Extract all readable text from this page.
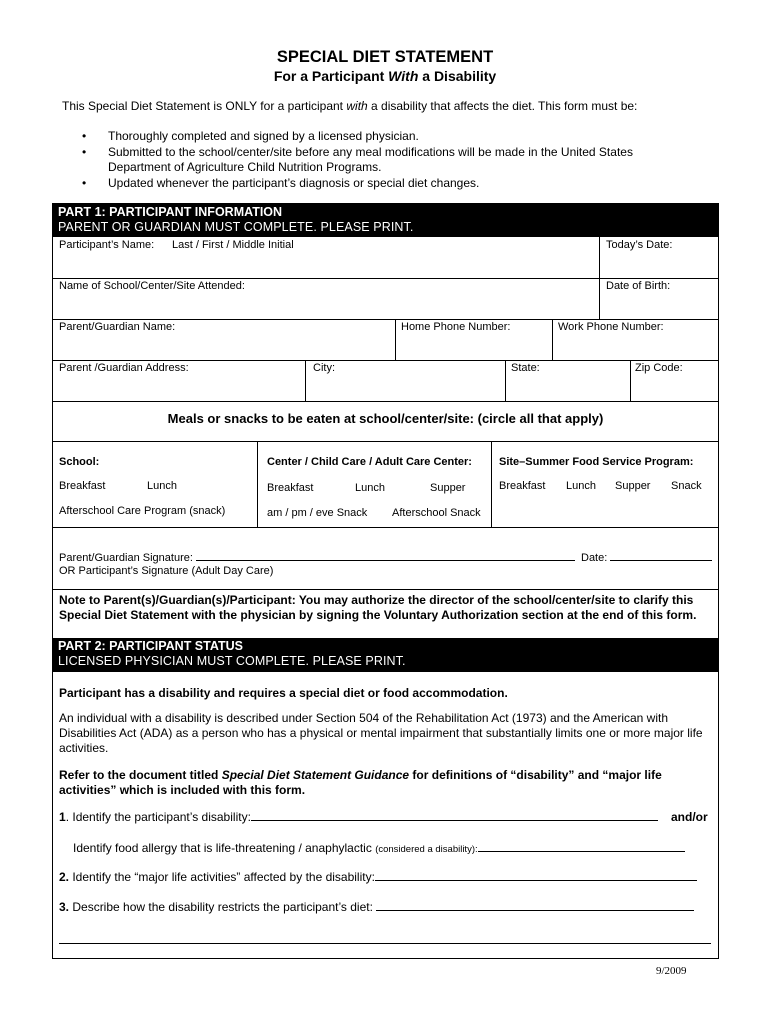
SPECIAL DIET STATEMENT
For a Participant With a Disability
This Special Diet Statement is ONLY for a participant with a disability that affects the diet. This form must be:
• Thoroughly completed and signed by a licensed physician.
• Submitted to the school/center/site before any meal modifications will be made in the United States
Department of Agriculture Child Nutrition Programs.
• Updated whenever the participant’s diagnosis or special diet changes.
PART 1: PARTICIPANT INFORMATION
PARENT OR GUARDIAN MUST COMPLETE. PLEASE PRINT.
Participant’s Name: Last / First / Middle Initial	Today’s Date:
Name of School/Center/Site Attended:	Date of Birth:
Parent/Guardian Name:	Home Phone Number:	Work Phone Number:
Parent /Guardian Address:	City:	State:	Zip Code:
Meals or snacks to be eaten at school/center/site: (circle all that apply)
School:
Breakfast	Lunch
Afterschool Care Program (snack)
Center / Child Care / Adult Care Center:
Breakfast	Lunch	Supper
am / pm / eve Snack Afterschool Snack
Site–Summer Food Service Program:
Breakfast Lunch Supper Snack
Parent/Guardian Signature:	Date:
OR Participant’s Signature (Adult Day Care)
Note to Parent(s)/Guardian(s)/Participant: You may authorize the director of the school/center/site to clarify this Special Diet Statement with the physician by signing the Voluntary Authorization section at the end of this form.
PART 2: PARTICIPANT STATUS
LICENSED PHYSICIAN MUST COMPLETE. PLEASE PRINT.
Participant has a disability and requires a special diet or food accommodation.
An individual with a disability is described under Section 504 of the Rehabilitation Act (1973) and the American with Disabilities Act (ADA) as a person who has a physical or mental impairment that substantially limits one or more major life activities.
Refer to the document titled Special Diet Statement Guidance for definitions of “disability” and “major life activities” which is included with this form.
1. Identify the participant’s disability:	and/or
Identify food allergy that is life-threatening / anaphylactic (considered a disability):
2. Identify the “major life activities” affected by the disability:
3. Describe how the disability restricts the participant’s diet:
9/2009
